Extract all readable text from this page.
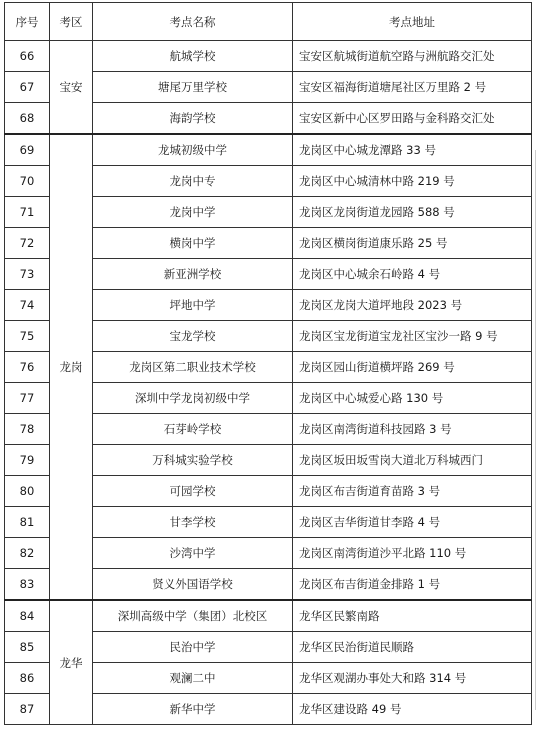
序号	考区	考点名称	考点地址
66	宝安	航城学校	宝安区航城街道航空路与洲航路交汇处
67		塘尾万里学校	宝安区福海街道塘尾社区万里路 2 号
68		海韵学校	宝安区新中心区罗田路与金科路交汇处
69	龙岗	龙城初级中学	龙岗区中心城龙潭路 33 号
70		龙岗中专	龙岗区中心城清林中路 219 号
71		龙岗中学	龙岗区龙岗街道龙园路 588 号
72		横岗中学	龙岗区横岗街道康乐路 25 号
73		新亚洲学校	龙岗区中心城余石岭路 4 号
74		坪地中学	龙岗区龙岗大道坪地段 2023 号
75		宝龙学校	龙岗区宝龙街道宝龙社区宝沙一路 9 号
76		龙岗区第二职业技术学校	龙岗区园山街道横坪路 269 号
77		深圳中学龙岗初级中学	龙岗区中心城爱心路 130 号
78		石芽岭学校	龙岗区南湾街道科技园路 3 号
79		万科城实验学校	龙岗区坂田坂雪岗大道北万科城西门
80		可园学校	龙岗区布吉街道育苗路 3 号
81		甘李学校	龙岗区吉华街道甘李路 4 号
82		沙湾中学	龙岗区南湾街道沙平北路 110 号
83		贤义外国语学校	龙岗区布吉街道金排路 1 号
84	龙华	深圳高级中学（集团）北校区	龙华区民繁南路
85		民治中学	龙华区民治街道民顺路
86		观澜二中	龙华区观湖办事处大和路 314 号
87		新华中学	龙华区建设路 49 号
